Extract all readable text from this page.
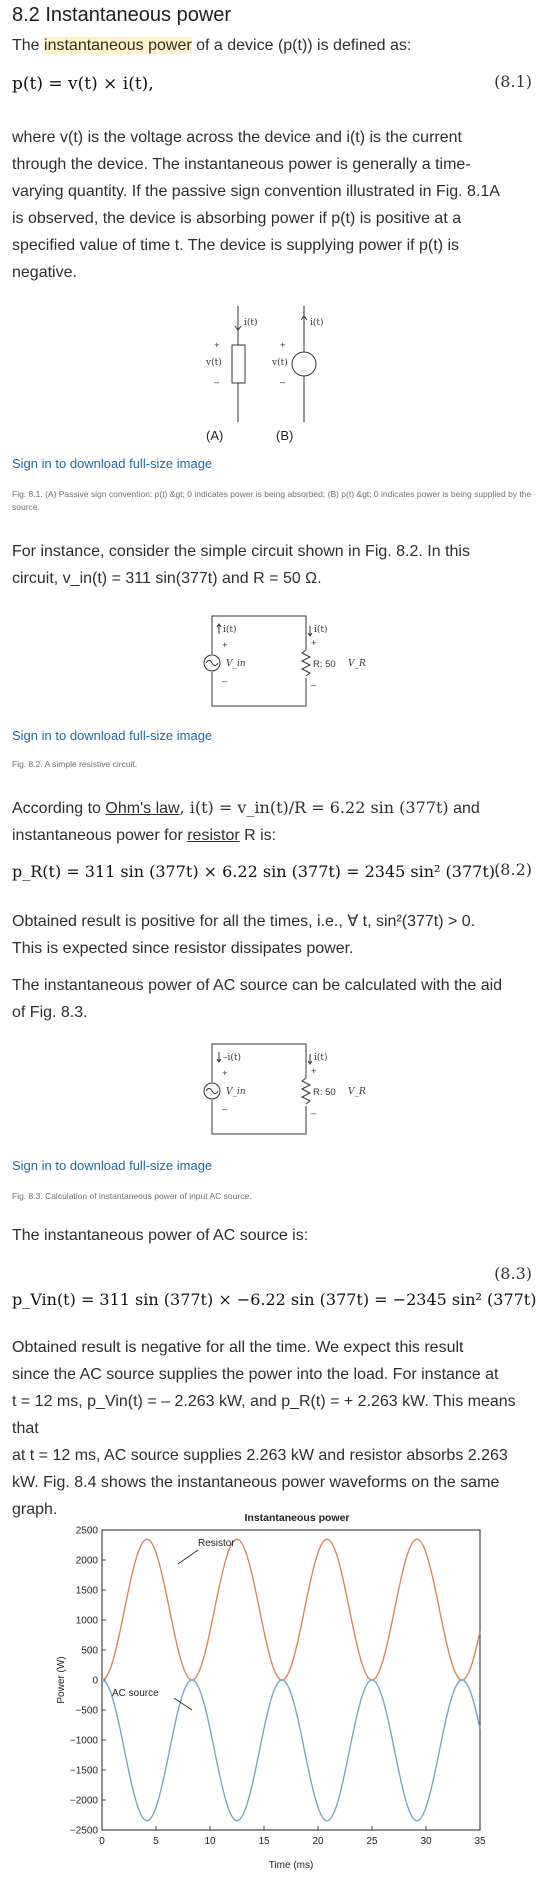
8.2 Instantaneous power

The instantaneous power of a device (p(t)) is defined as:

p(t) = v(t) × i(t),	(8.1)
where v(t) is the voltage across the device and i(t) is the current
through the device. The instantaneous power is generally a time-
varying quantity. If the passive sign convention illustrated in Fig. 8.1A
is observed, the device is absorbing power if p(t) is positive at a
specified value of time t. The device is supplying power if p(t) is
negative.
i(t)
+
v(t)
–
(A)
i(t)
+
v(t)
–
(B)
Sign in to download full-size image
Fig. 8.1. (A) Passive sign convention: p(t) &gt; 0 indicates power is being absorbed; (B) p(t) &gt; 0 indicates power is being supplied by the source.
For instance, consider the simple circuit shown in Fig. 8.2. In this
circuit, v_in(t) = 311 sin(377t) and R = 50 Ω.
i(t)
+
V_in
–
R: 50
i(t)
+
–
V_R
Sign in to download full-size image
Fig. 8.2. A simple resistive circuit.
According to Ohm's law, i(t) = v_in(t)/R = 6.22 sin (377t) and
instantaneous power for resistor R is:
p_R(t) = 311 sin (377t) × 6.22 sin (377t) = 2345 sin² (377t).
(8.2)
Obtained result is positive for all the times, i.e., ∀ t, sin²(377t) > 0.
This is expected since resistor dissipates power.
The instantaneous power of AC source can be calculated with the aid
of Fig. 8.3.
–i(t)
+
V_in
–
R: 50
i(t)
+
–
V_R
Sign in to download full-size image
Fig. 8.3. Calculation of instantaneous power of input AC source.

The instantaneous power of AC source is:

(8.3)
p_Vin(t) = 311 sin (377t) × −6.22 sin (377t) = −2345 sin² (377t)
Obtained result is negative for all the time. We expect this result
since the AC source supplies the power into the load. For instance at
t = 12 ms, p_Vin(t) = – 2.263 kW, and p_R(t) = + 2.263 kW. This means that
at t = 12 ms, AC source supplies 2.263 kW and resistor absorbs 2.263
kW. Fig. 8.4 shows the instantaneous power waveforms on the same
graph.	Instantaneous power
2500
2000
1500
1000
500
0
−500
−1000
−1500
−2000
−2500
0	5	10	15	20	25	30	35
Time (ms)
Power (W)
Resistor
AC source
